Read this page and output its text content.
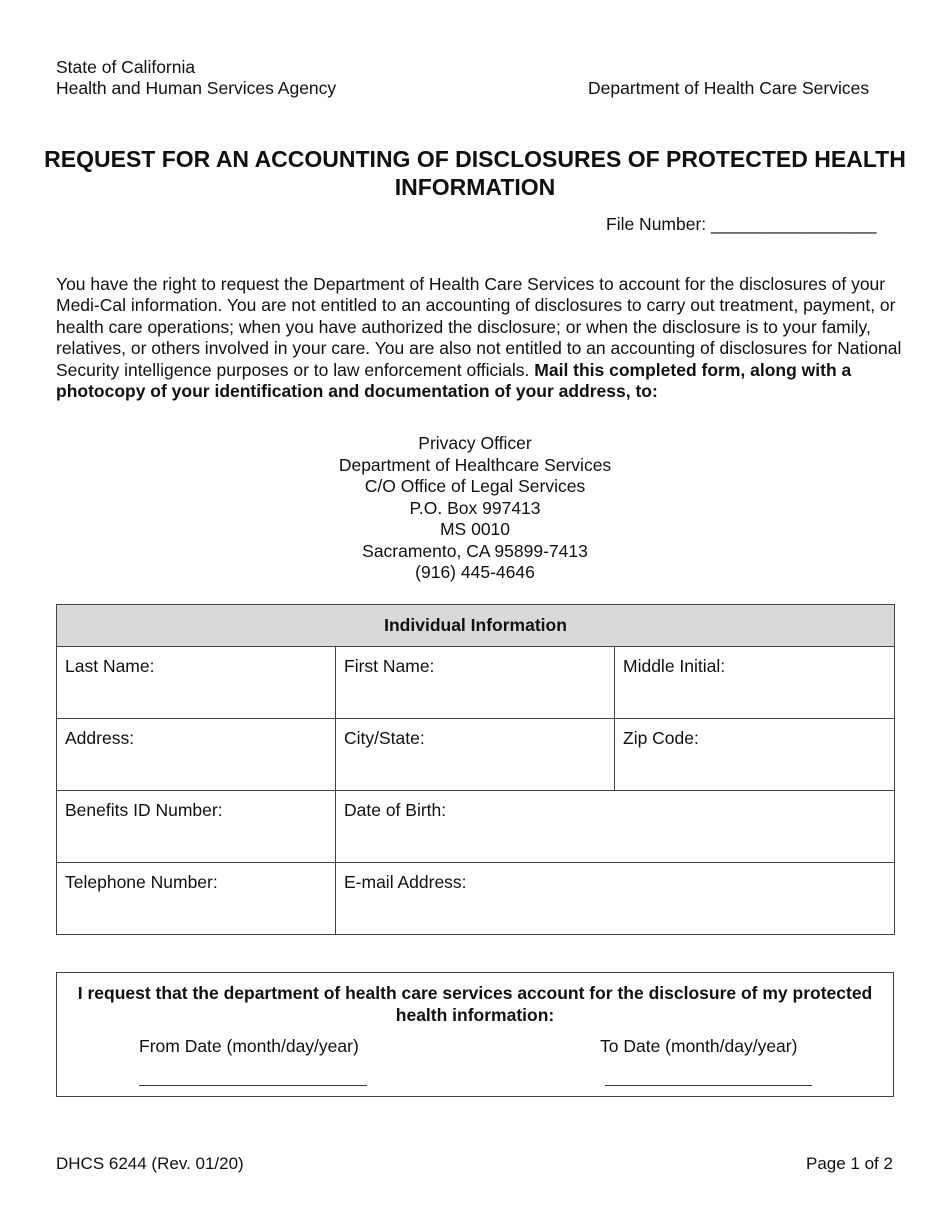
State of California
Health and Human Services Agency	Department of Health Care Services
REQUEST FOR AN ACCOUNTING OF DISCLOSURES OF PROTECTED HEALTH INFORMATION
File Number: _________________
You have the right to request the Department of Health Care Services to account for the disclosures of your Medi-Cal information. You are not entitled to an accounting of disclosures to carry out treatment, payment, or health care operations; when you have authorized the disclosure; or when the disclosure is to your family, relatives, or others involved in your care. You are also not entitled to an accounting of disclosures for National Security intelligence purposes or to law enforcement officials. Mail this completed form, along with a photocopy of your identification and documentation of your address, to:
Privacy Officer
Department of Healthcare Services
C/O Office of Legal Services
P.O. Box 997413
MS 0010
Sacramento, CA 95899-7413
(916) 445-4646
Individual Information		
Last Name:	First Name:	Middle Initial:
Address:	City/State:	Zip Code:
Benefits ID Number:	Date of Birth:	
Telephone Number:	E-mail Address:	
I request that the department of health care services account for the disclosure of my protected health information:
From Date (month/day/year)	To Date (month/day/year)
DHCS 6244 (Rev. 01/20)	Page 1 of 2
